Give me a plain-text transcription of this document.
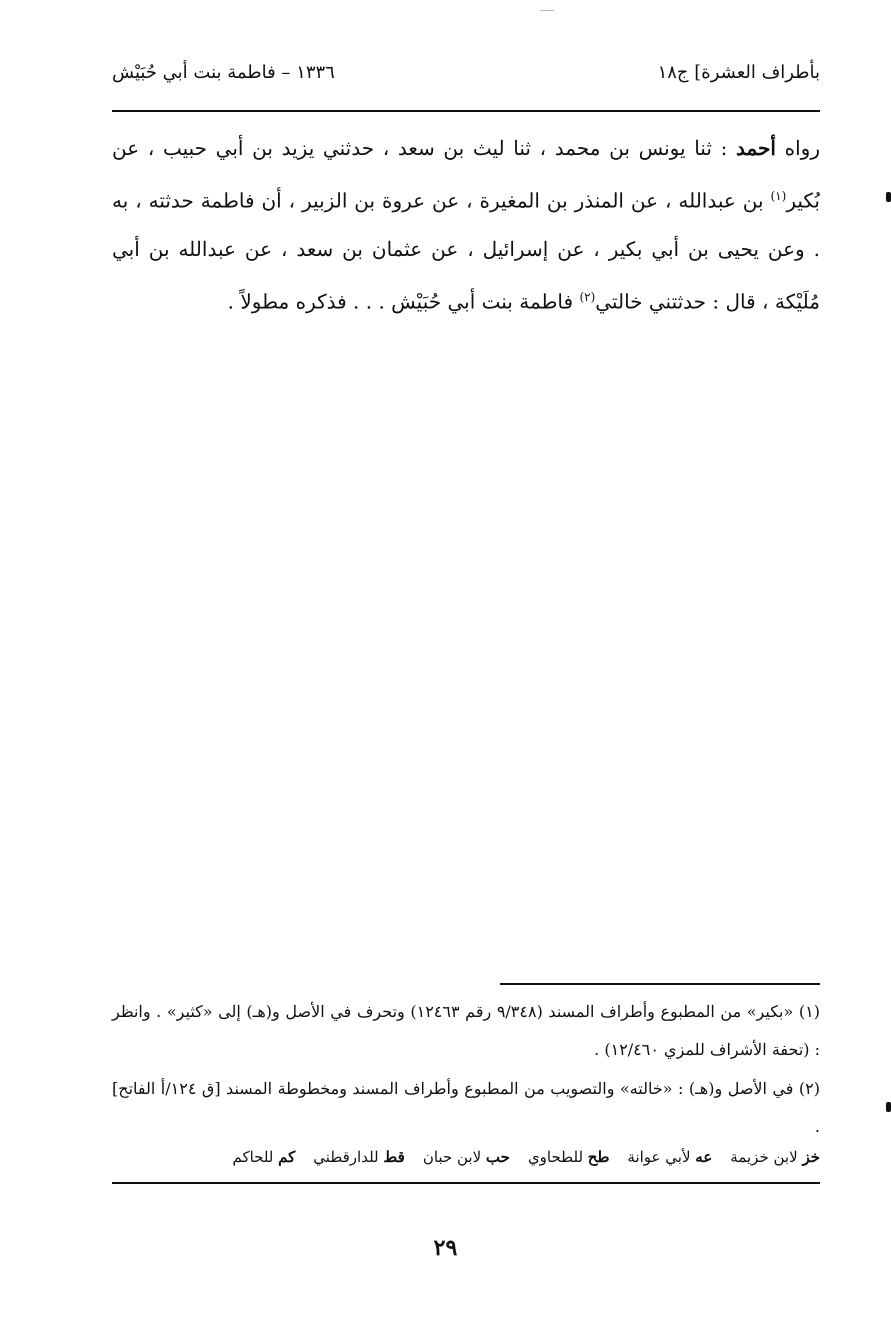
بأطراف العشرة] ج١٨
١٣٣٦ – فاطمة بنت أبي حُبَيْش
رواه أحمد : ثنا يونس بن محمد ، ثنا ليث بن سعد ، حدثني يزيد بن أبي حبيب ، عن بُكير$^{(١)}$ بن عبدالله ، عن المنذر بن المغيرة ، عن عروة بن الزبير ، أن فاطمة حدثته ، به . وعن يحيى بن أبي بكير ، عن إسرائيل ، عن عثمان بن سعد ، عن عبدالله بن أبي مُلَيْكة ، قال : حدثتني خالتي$^{(٢)}$ فاطمة بنت أبي حُبَيْش . . . فذكره مطولاً .
(١) «بكير» من المطبوع وأطراف المسند (٩/٣٤٨ رقم ١٢٤٦٣) وتحرف في الأصل و(هـ) إلى «كثير» . وانظر : (تحفة الأشراف للمزي ١٢/٤٦٠) .
(٢) في الأصل و(هـ) : «خالته» والتصويب من المطبوع وأطراف المسند ومخطوطة المسند [ق ١٢٤/أ الفاتح] .
خز لابن خزيمة
عه لأبي عوانة
طح للطحاوي
حب لابن حبان
قط للدارقطني
كم للحاكم
٢٩
